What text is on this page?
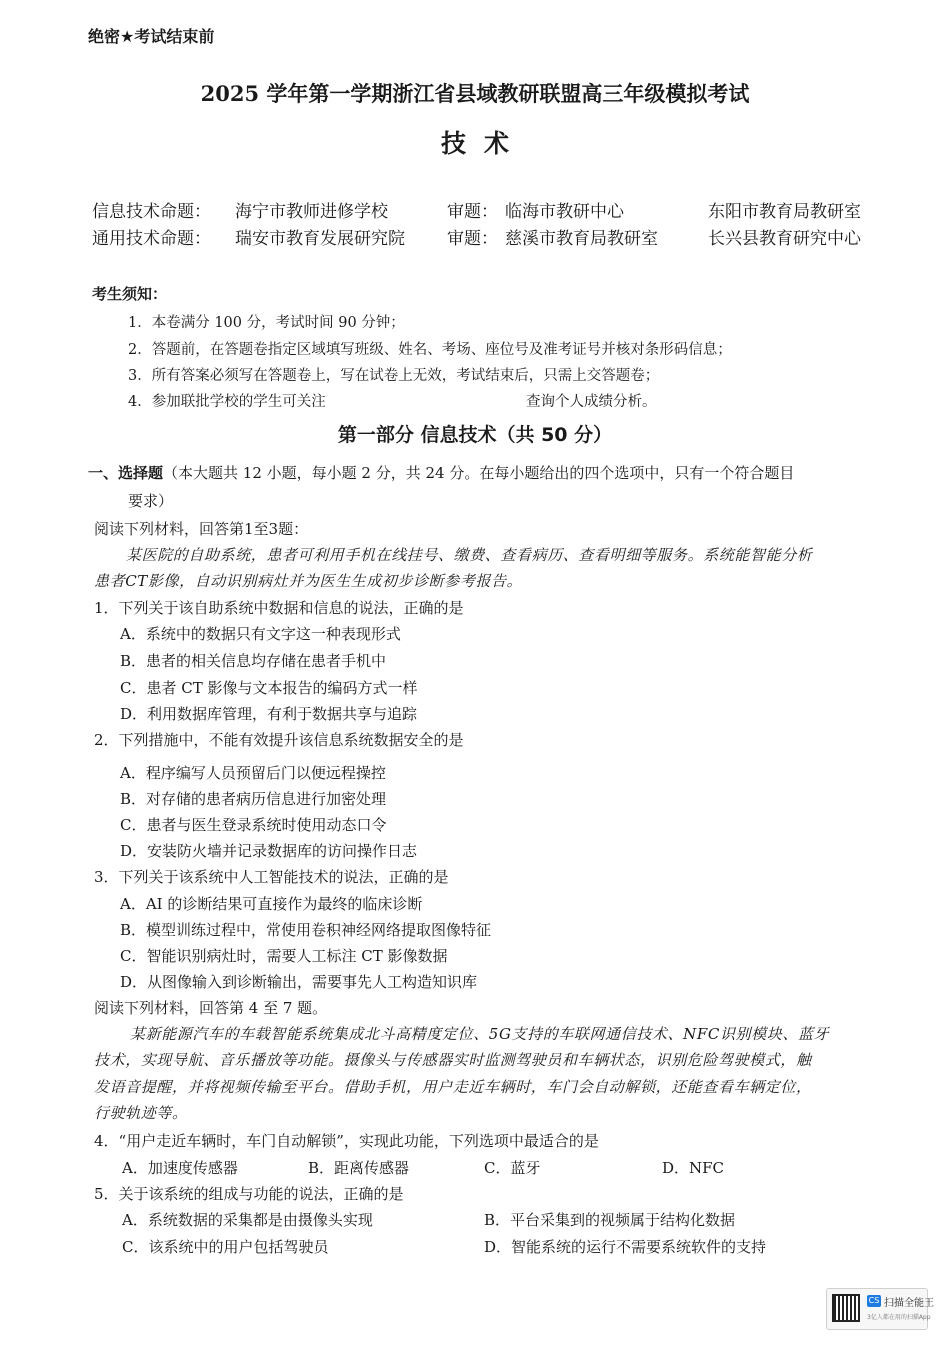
绝密★考试结束前
2025 学年第一学期浙江省县域教研联盟高三年级模拟考试
技术
信息技术命题： 海宁市教师进修学校	审题： 临海市教研中心	东阳市教育局教研室
通用技术命题： 瑞安市教育发展研究院 审题： 慈溪市教育局教研室	长兴县教育研究中心
考生须知：
1．本卷满分 100 分，考试时间 90 分钟；
2．答题前，在答题卷指定区域填写班级、姓名、考场、座位号及准考证号并核对条形码信息；
3．所有答案必须写在答题卷上，写在试卷上无效，考试结束后，只需上交答题卷；
4．参加联批学校的学生可关注	查询个人成绩分析。
第一部分 信息技术（共 50 分）
一、选择题（本大题共 12 小题，每小题 2 分，共 24 分。在每小题给出的四个选项中，只有一个符合题目
要求）
阅读下列材料，回答第1至3题：
某医院的自助系统，患者可利用手机在线挂号、缴费、查看病历、查看明细等服务。系统能智能分析
患者CT影像，自动识别病灶并为医生生成初步诊断参考报告。
1．下列关于该自助系统中数据和信息的说法，正确的是
A．系统中的数据只有文字这一种表现形式
B．患者的相关信息均存储在患者手机中
C．患者 CT 影像与文本报告的编码方式一样
D．利用数据库管理，有利于数据共享与追踪
2．下列措施中，不能有效提升该信息系统数据安全的是
A．程序编写人员预留后门以便远程操控
B．对存储的患者病历信息进行加密处理
C．患者与医生登录系统时使用动态口令
D．安装防火墙并记录数据库的访问操作日志
3．下列关于该系统中人工智能技术的说法，正确的是
A．AI 的诊断结果可直接作为最终的临床诊断
B．模型训练过程中，常使用卷积神经网络提取图像特征
C．智能识别病灶时，需要人工标注 CT 影像数据
D．从图像输入到诊断输出，需要事先人工构造知识库
阅读下列材料，回答第 4 至 7 题。
某新能源汽车的车载智能系统集成北斗高精度定位、5G支持的车联网通信技术、NFC识别模块、蓝牙
技术，实现导航、音乐播放等功能。摄像头与传感器实时监测驾驶员和车辆状态，识别危险驾驶模式，触
发语音提醒，并将视频传输至平台。借助手机，用户走近车辆时，车门会自动解锁，还能查看车辆定位，
行驶轨迹等。
4．“用户走近车辆时，车门自动解锁”，实现此功能，下列选项中最适合的是
A．加速度传感器	B．距离传感器	C．蓝牙	D．NFC
5．关于该系统的组成与功能的说法，正确的是
A．系统数据的采集都是由摄像头实现	B．平台采集到的视频属于结构化数据
C．该系统中的用户包括驾驶员	D．智能系统的运行不需要系统软件的支持
CS 扫描全能王
3亿人都在用的扫描App
